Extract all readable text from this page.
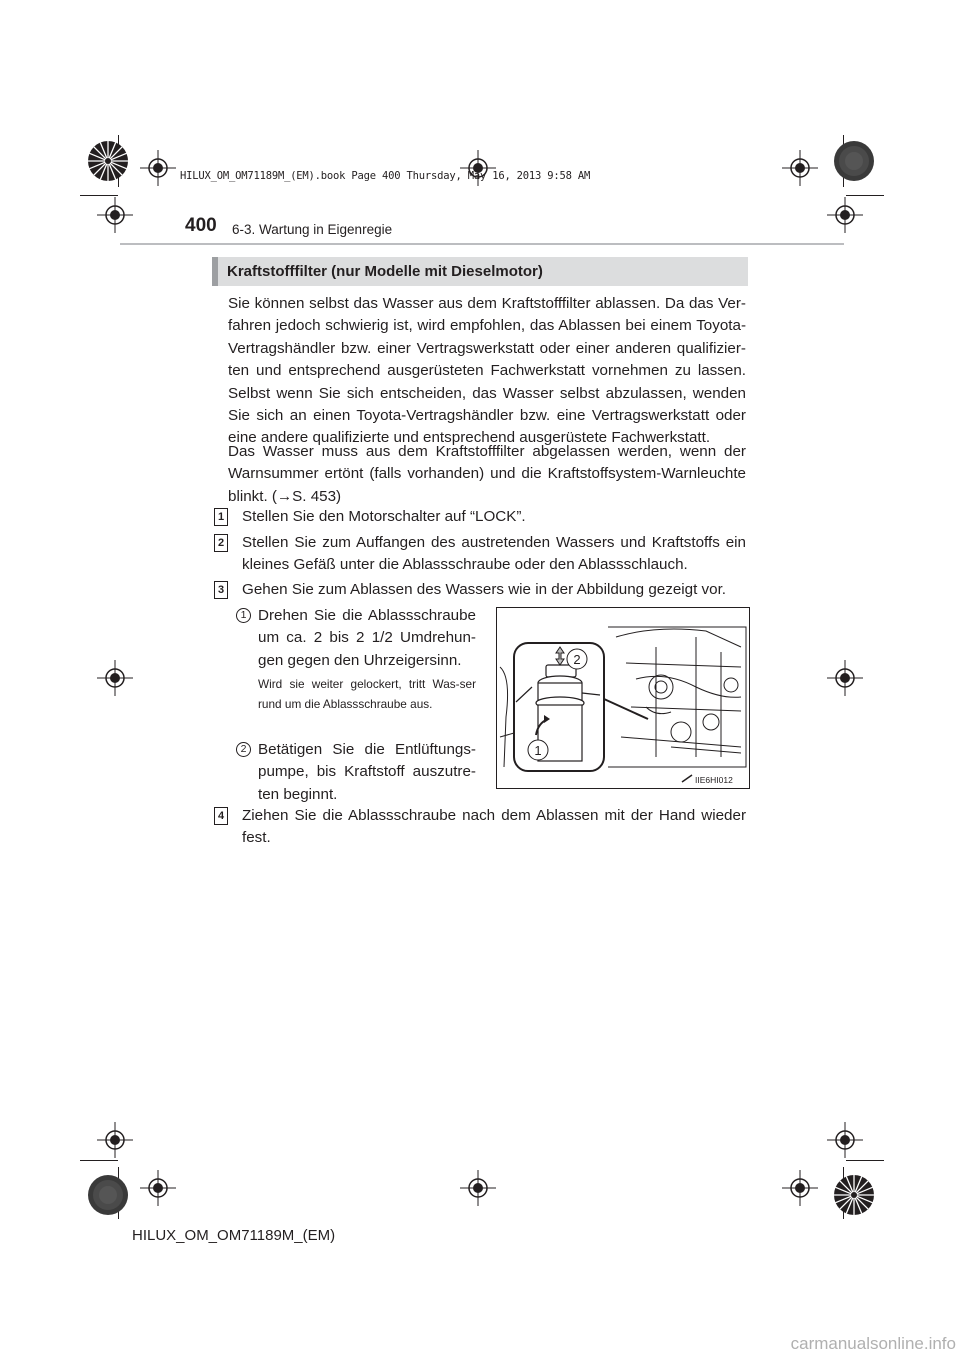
HILUX_OM_OM71189M_(EM).book Page 400 Thursday, May 16, 2013 9:58 AM
400 6-3. Wartung in Eigenregie
Kraftstofffilter (nur Modelle mit Dieselmotor)
Sie können selbst das Wasser aus dem Kraftstofffilter ablassen. Da das Ver-fahren jedoch schwierig ist, wird empfohlen, das Ablassen bei einem Toyota-Vertragshändler bzw. einer Vertragswerkstatt oder einer anderen qualifizier-ten und entsprechend ausgerüsteten Fachwerkstatt vornehmen zu lassen. Selbst wenn Sie sich entscheiden, das Wasser selbst abzulassen, wenden Sie sich an einen Toyota-Vertragshändler bzw. eine Vertragswerkstatt oder eine andere qualifizierte und entsprechend ausgerüstete Fachwerkstatt.
Das Wasser muss aus dem Kraftstofffilter abgelassen werden, wenn der Warnsummer ertönt (falls vorhanden) und die Kraftstoffsystem-Warnleuchte blinkt. (→S. 453)
1 Stellen Sie den Motorschalter auf “LOCK”.
2 Stellen Sie zum Auffangen des austretenden Wassers und Kraftstoffs ein kleines Gefäß unter die Ablassschraube oder den Ablassschlauch.
3 Gehen Sie zum Ablassen des Wassers wie in der Abbildung gezeigt vor.
1 Drehen Sie die Ablassschraube um ca. 2 bis 2 1/2 Umdrehun-gen gegen den Uhrzeigersinn.
Wird sie weiter gelockert, tritt Was-ser rund um die Ablassschraube aus.
2 Betätigen Sie die Entlüftungs-pumpe, bis Kraftstoff auszutre-ten beginnt.
2
1
IIE6HI012
4 Ziehen Sie die Ablassschraube nach dem Ablassen mit der Hand wieder fest.
HILUX_OM_OM71189M_(EM)
carmanualsonline.info
